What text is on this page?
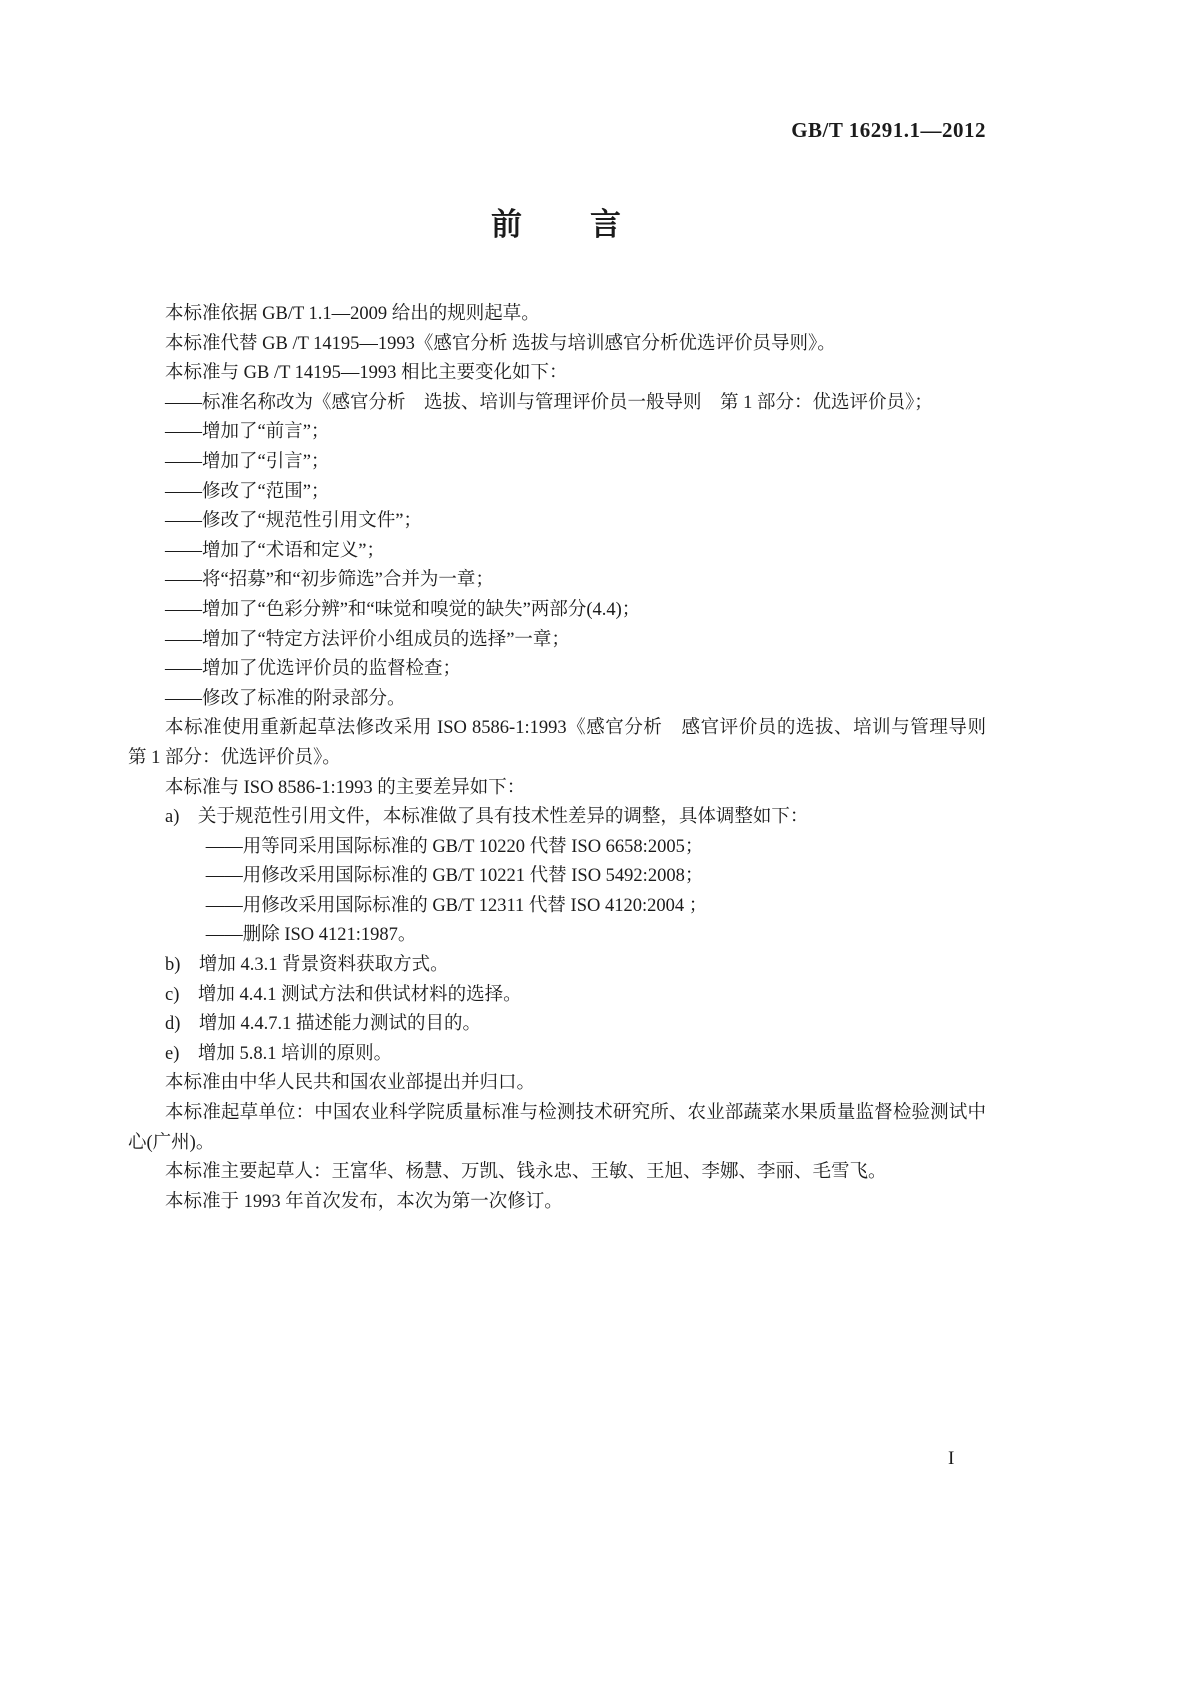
GB/T 16291.1—2012
前　　言

本标准依据 GB/T 1.1—2009 给出的规则起草。

本标准代替 GB /T 14195—1993《感官分析 选拔与培训感官分析优选评价员导则》。

本标准与 GB /T 14195—1993 相比主要变化如下：

——标准名称改为《感官分析　选拔、培训与管理评价员一般导则　第 1 部分：优选评价员》；

——增加了“前言”；

——增加了“引言”；

——修改了“范围”；

——修改了“规范性引用文件”；

——增加了“术语和定义”；

——将“招募”和“初步筛选”合并为一章；

——增加了“色彩分辨”和“味觉和嗅觉的缺失”两部分(4.4)；

——增加了“特定方法评价小组成员的选择”一章；

——增加了优选评价员的监督检查；

——修改了标准的附录部分。

本标准使用重新起草法修改采用 ISO 8586-1:1993《感官分析　感官评价员的选拔、培训与管理导则　第 1 部分：优选评价员》。

本标准与 ISO 8586-1:1993 的主要差异如下：

a)　关于规范性引用文件，本标准做了具有技术性差异的调整，具体调整如下：

——用等同采用国际标准的 GB/T 10220 代替 ISO 6658:2005；

——用修改采用国际标准的 GB/T 10221 代替 ISO 5492:2008；

——用修改采用国际标准的 GB/T 12311 代替 ISO 4120:2004 ；

——删除 ISO 4121:1987。

b)　增加 4.3.1 背景资料获取方式。

c)　增加 4.4.1 测试方法和供试材料的选择。

d)　增加 4.4.7.1 描述能力测试的目的。

e)　增加 5.8.1 培训的原则。

本标准由中华人民共和国农业部提出并归口。

本标准起草单位：中国农业科学院质量标准与检测技术研究所、农业部蔬菜水果质量监督检验测试中心(广州)。

本标准主要起草人：王富华、杨慧、万凯、钱永忠、王敏、王旭、李娜、李丽、毛雪飞。

本标准于 1993 年首次发布，本次为第一次修订。

I
